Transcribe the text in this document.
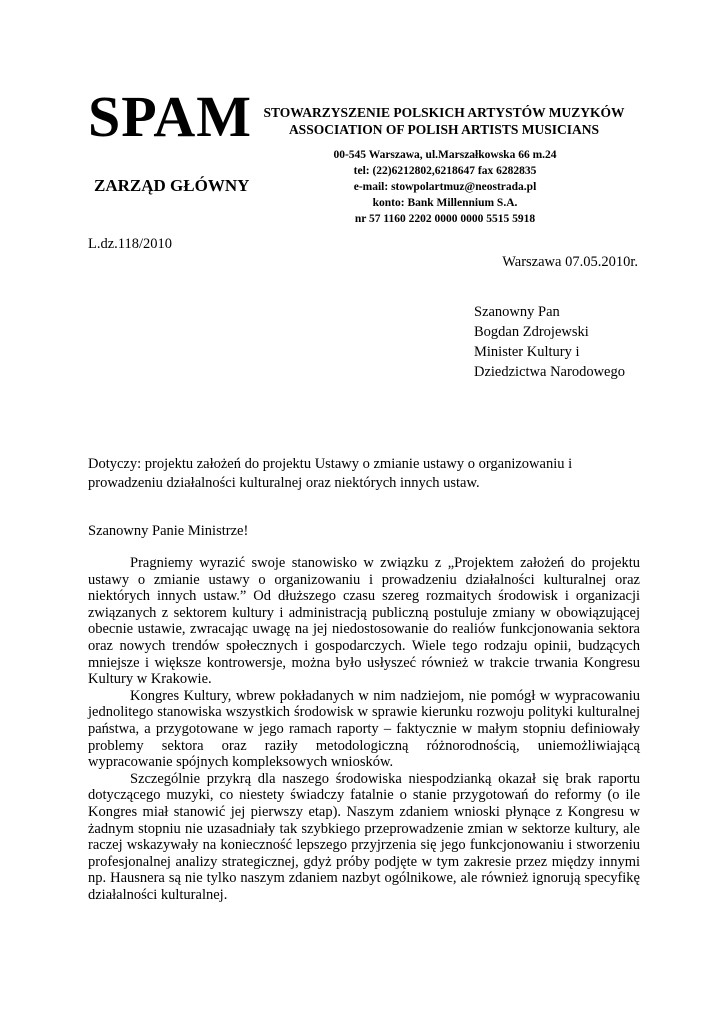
SPAM
ZARZĄD GŁÓWNY
STOWARZYSZENIE POLSKICH ARTYSTÓW MUZYKÓW
ASSOCIATION OF POLISH ARTISTS MUSICIANS
00-545 Warszawa, ul.Marszałkowska 66 m.24
tel: (22)6212802,6218647 fax 6282835
e-mail: stowpolartmuz@neostrada.pl
konto: Bank Millennium S.A.
nr 57 1160 2202 0000 0000 5515 5918
L.dz.118/2010
Warszawa 07.05.2010r.
Szanowny Pan
Bogdan Zdrojewski
Minister Kultury i
Dziedzictwa Narodowego
Dotyczy: projektu założeń do projektu Ustawy o zmianie ustawy o organizowaniu i prowadzeniu działalności kulturalnej oraz niektórych innych ustaw.
Szanowny Panie Ministrze!

Pragniemy wyrazić swoje stanowisko w związku z „Projektem założeń do projektu ustawy o zmianie ustawy o organizowaniu i prowadzeniu działalności kulturalnej oraz niektórych innych ustaw.” Od dłuższego czasu szereg rozmaitych środowisk i organizacji związanych z sektorem kultury i administracją publiczną postuluje zmiany w obowiązującej obecnie ustawie, zwracając uwagę na jej niedostosowanie do realiów funkcjonowania sektora oraz nowych trendów społecznych i gospodarczych. Wiele tego rodzaju opinii, budzących mniejsze i większe kontrowersje, można było usłyszeć również w trakcie trwania Kongresu Kultury w Krakowie.

Kongres Kultury, wbrew pokładanych w nim nadziejom, nie pomógł w wypracowaniu jednolitego stanowiska wszystkich środowisk w sprawie kierunku rozwoju polityki kulturalnej państwa, a przygotowane w jego ramach raporty – faktycznie w małym stopniu definiowały problemy sektora oraz raziły metodologiczną różnorodnością, uniemożliwiającą wypracowanie spójnych kompleksowych wniosków.

Szczególnie przykrą dla naszego środowiska niespodzianką okazał się brak raportu dotyczącego muzyki, co niestety świadczy fatalnie o stanie przygotowań do reformy (o ile Kongres miał stanowić jej pierwszy etap). Naszym zdaniem wnioski płynące z Kongresu w żadnym stopniu nie uzasadniały tak szybkiego przeprowadzenie zmian w sektorze kultury, ale raczej wskazywały na konieczność lepszego przyjrzenia się jego funkcjonowaniu i stworzeniu profesjonalnej analizy strategicznej, gdyż próby podjęte w tym zakresie przez między innymi np. Hausnera są nie tylko naszym zdaniem nazbyt ogólnikowe, ale również ignorują specyfikę działalności kulturalnej.
